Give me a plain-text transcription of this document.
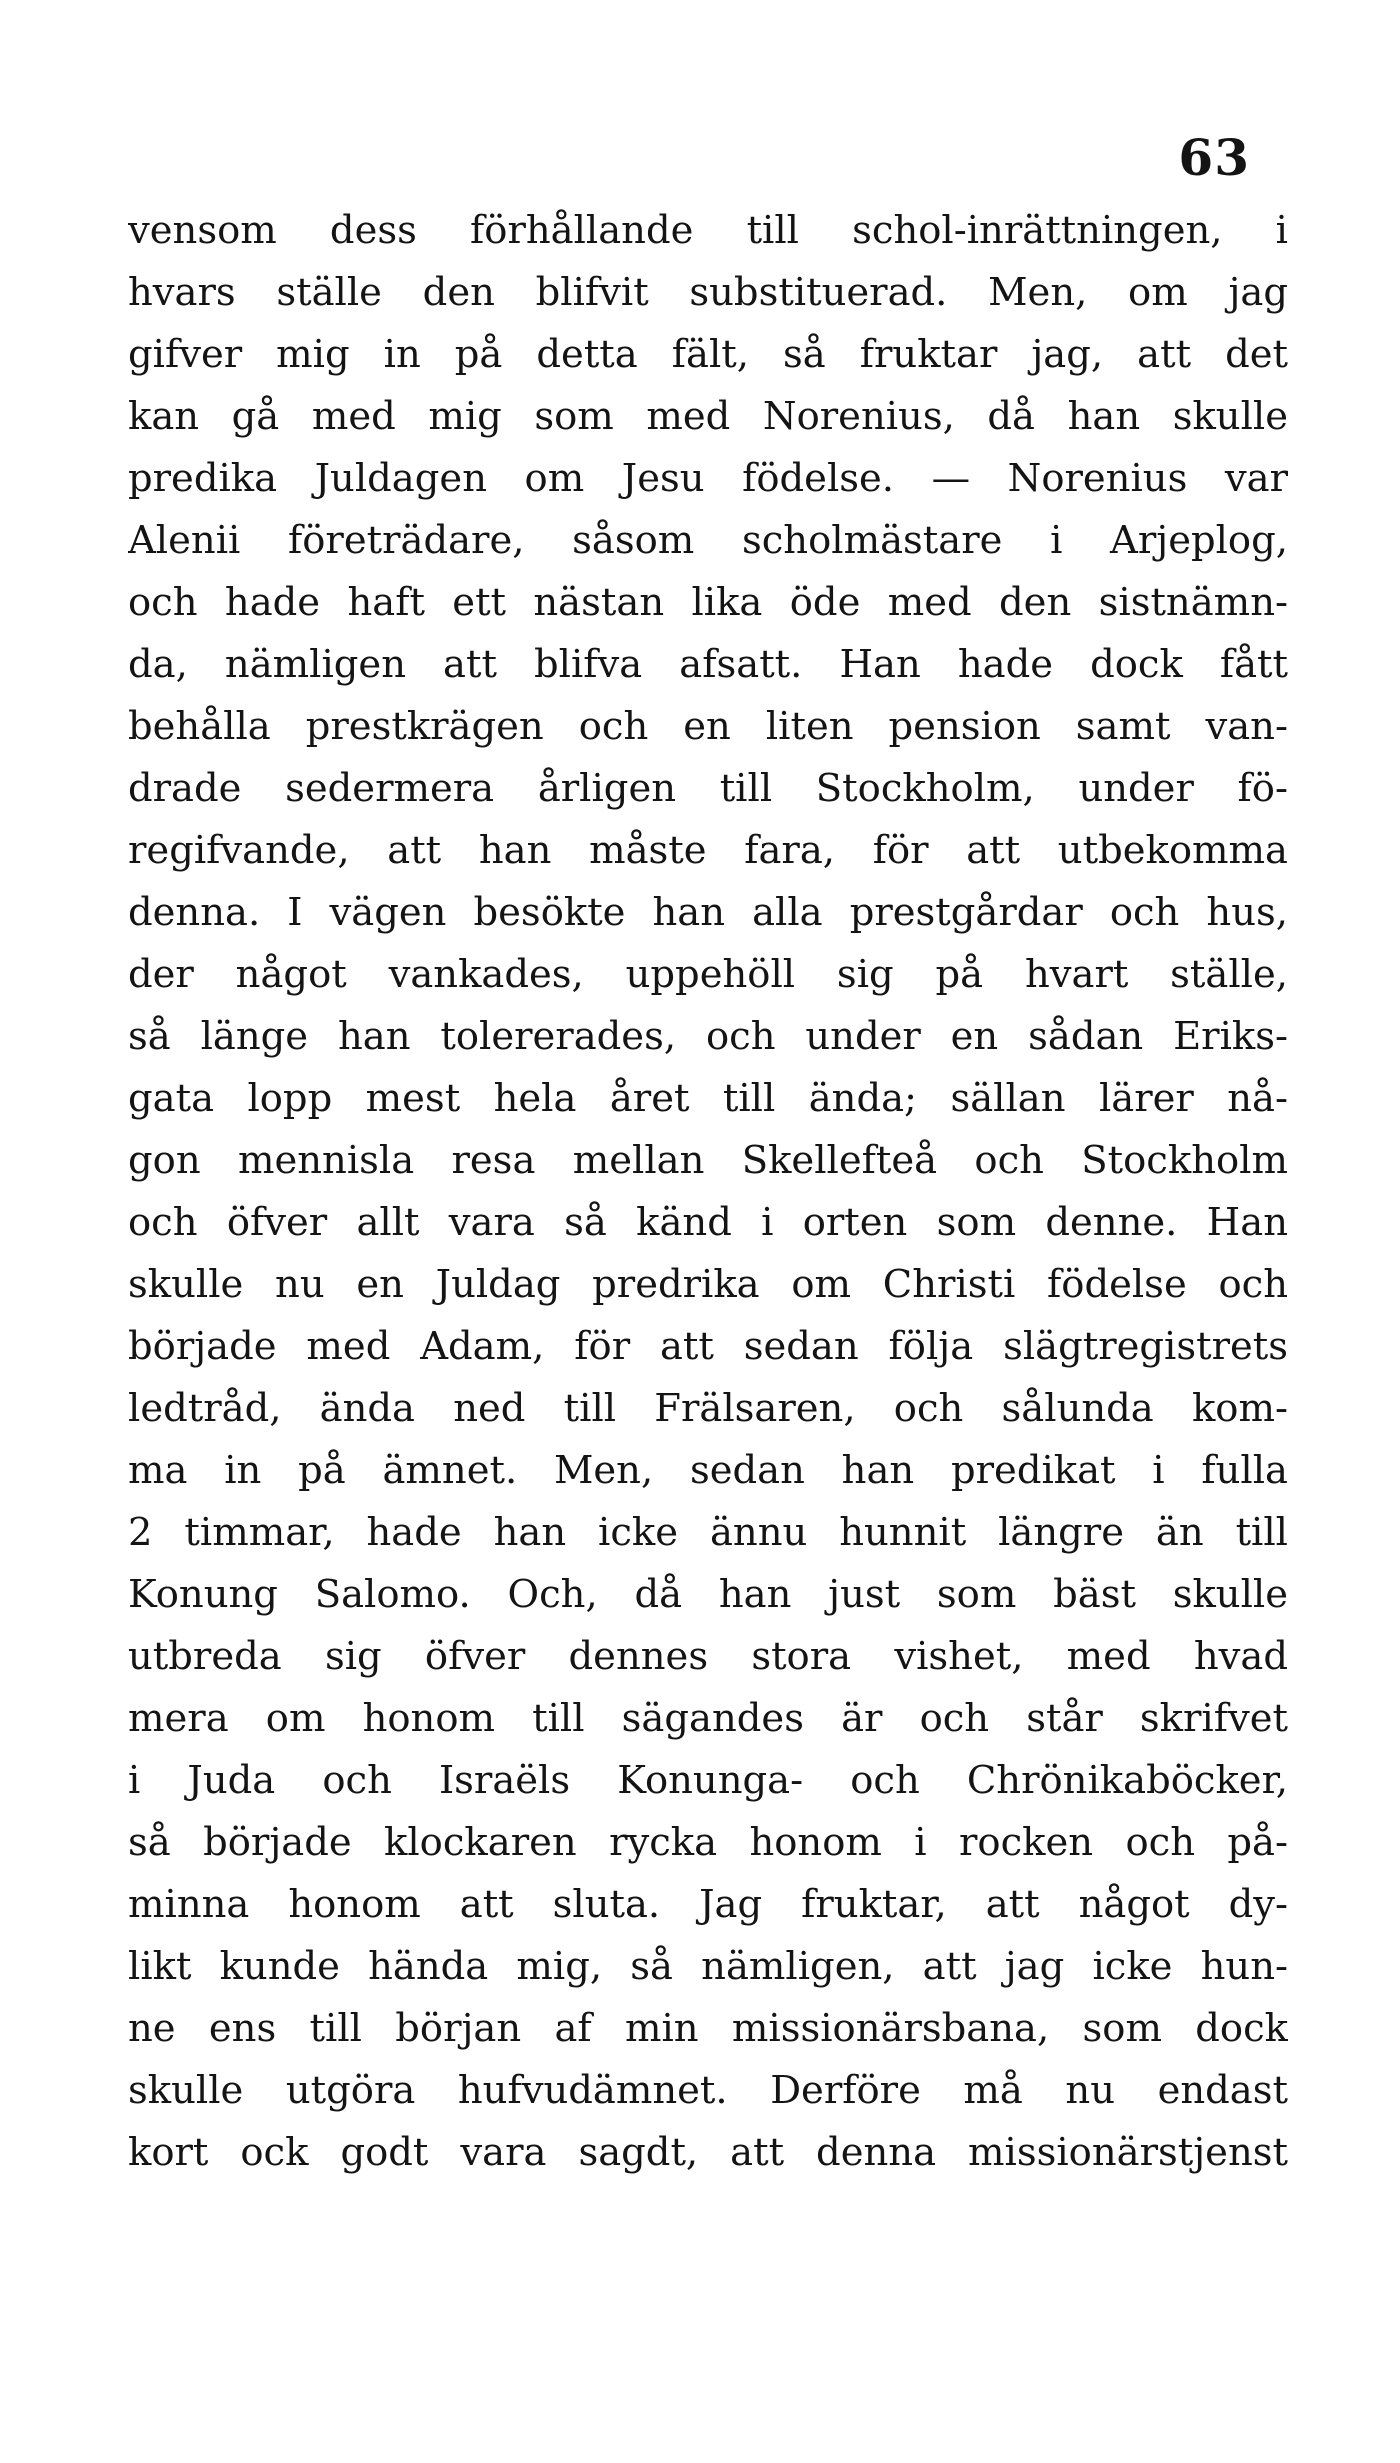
63
vensom dess förhållande till schol-inrättningen, i
hvars ställe den blifvit substituerad. Men, om jag
gifver mig in på detta fält, så fruktar jag, att det
kan gå med mig som med Norenius, då han skulle
predika Juldagen om Jesu födelse. — Norenius var
Alenii företrädare, såsom scholmästare i Arjeplog,
och hade haft ett nästan lika öde med den sistnämn-
da, nämligen att blifva afsatt. Han hade dock fått
behålla prestkrägen och en liten pension samt van-
drade sedermera årligen till Stockholm, under fö-
regifvande, att han måste fara, för att utbekomma
denna. I vägen besökte han alla prestgårdar och hus,
der något vankades, uppehöll sig på hvart ställe,
så länge han tolererades, och under en sådan Eriks-
gata lopp mest hela året till ända; sällan lärer nå-
gon mennisla resa mellan Skellefteå och Stockholm
och öfver allt vara så känd i orten som denne. Han
skulle nu en Juldag predrika om Christi födelse och
började med Adam, för att sedan följa slägtregistrets
ledtråd, ända ned till Frälsaren, och sålunda kom-
ma in på ämnet. Men, sedan han predikat i fulla
2 timmar, hade han icke ännu hunnit längre än till
Konung Salomo. Och, då han just som bäst skulle
utbreda sig öfver dennes stora vishet, med hvad
mera om honom till sägandes är och står skrifvet
i Juda och Israëls Konunga- och Chrönikaböcker,
så började klockaren rycka honom i rocken och på-
minna honom att sluta. Jag fruktar, att något dy-
likt kunde hända mig, så nämligen, att jag icke hun-
ne ens till början af min missionärsbana, som dock
skulle utgöra hufvudämnet. Derföre må nu endast
kort ock godt vara sagdt, att denna missionärstjenst
